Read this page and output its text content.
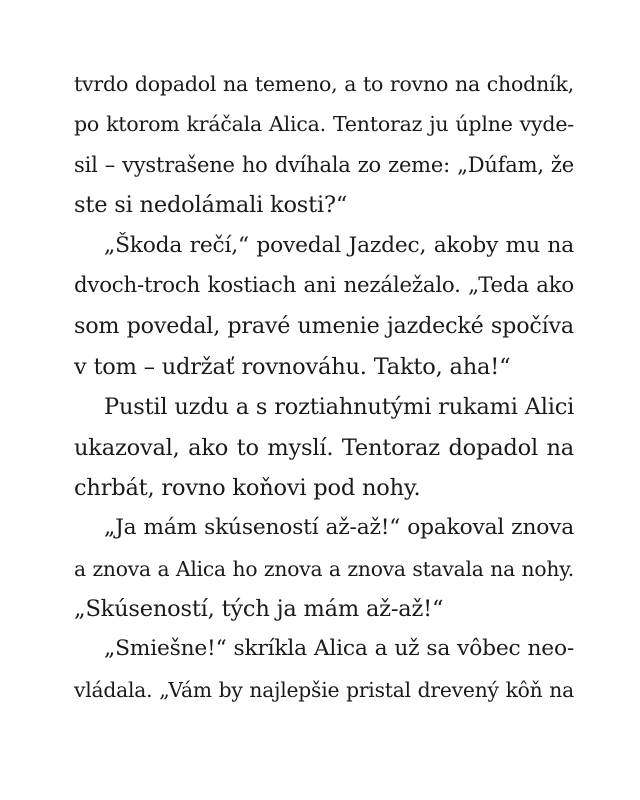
tvrdo dopadol na temeno, a to rovno na chodník,
po ktorom kráčala Alica. Tentoraz ju úplne vyde-
sil – vystrašene ho dvíhala zo zeme: „Dúfam, že
ste si nedolámali kosti?“
„Škoda rečí,“ povedal Jazdec, akoby mu na
dvoch-troch kostiach ani nezáležalo. „Teda ako
som povedal, pravé umenie jazdecké spočíva
v tom – udržať rovnováhu. Takto, aha!“
Pustil uzdu a s roztiahnutými rukami Alici
ukazoval, ako to myslí. Tentoraz dopadol na
chrbát, rovno koňovi pod nohy.
„Ja mám skúseností až-až!“ opakoval znova
a znova a Alica ho znova a znova stavala na nohy.
„Skúseností, tých ja mám až-až!“
„Smiešne!“ skríkla Alica a už sa vôbec neo-
vládala. „Vám by najlepšie pristal drevený kôň na
